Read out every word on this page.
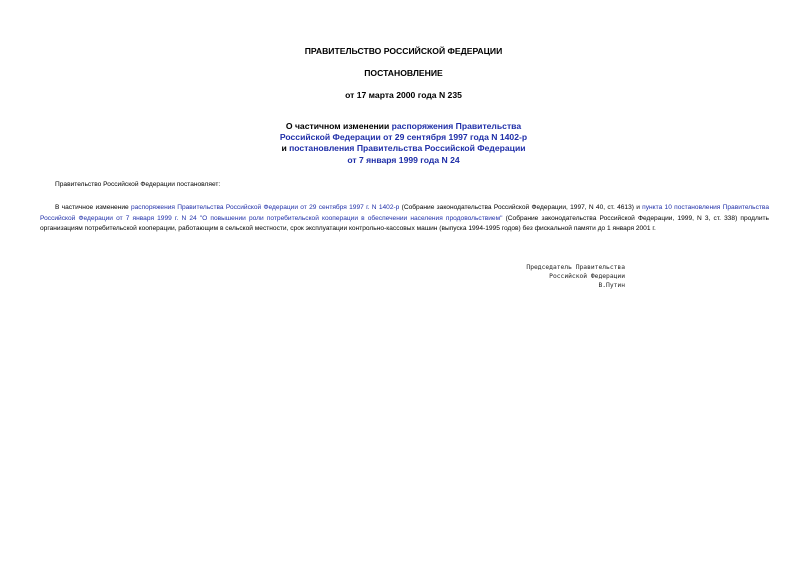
ПРАВИТЕЛЬСТВО РОССИЙСКОЙ ФЕДЕРАЦИИ
ПОСТАНОВЛЕНИЕ
от 17 марта 2000 года N 235
О частичном изменении распоряжения Правительства
Российской Федерации от 29 сентября 1997 года N 1402-р
и постановления Правительства Российской Федерации
от 7 января 1999 года N 24
Правительство Российской Федерации постановляет:
В частичное изменение распоряжения Правительства Российской Федерации от 29 сентября 1997 г. N 1402-р (Собрание законодательства Российской Федерации, 1997, N 40, ст. 4613) и пункта 10 постановления Правительства Российской Федерации от 7 января 1999 г. N 24 "О повышении роли потребительской кооперации в обеспечении населения продовольствием" (Собрание законодательства Российской Федерации, 1999, N 3, ст. 338) продлить организациям потребительской кооперации, работающим в сельской местности, срок эксплуатации контрольно-кассовых машин (выпуска 1994-1995 годов) без фискальной памяти до 1 января 2001 г.
Председатель Правительства
Российской Федерации
В.Путин
